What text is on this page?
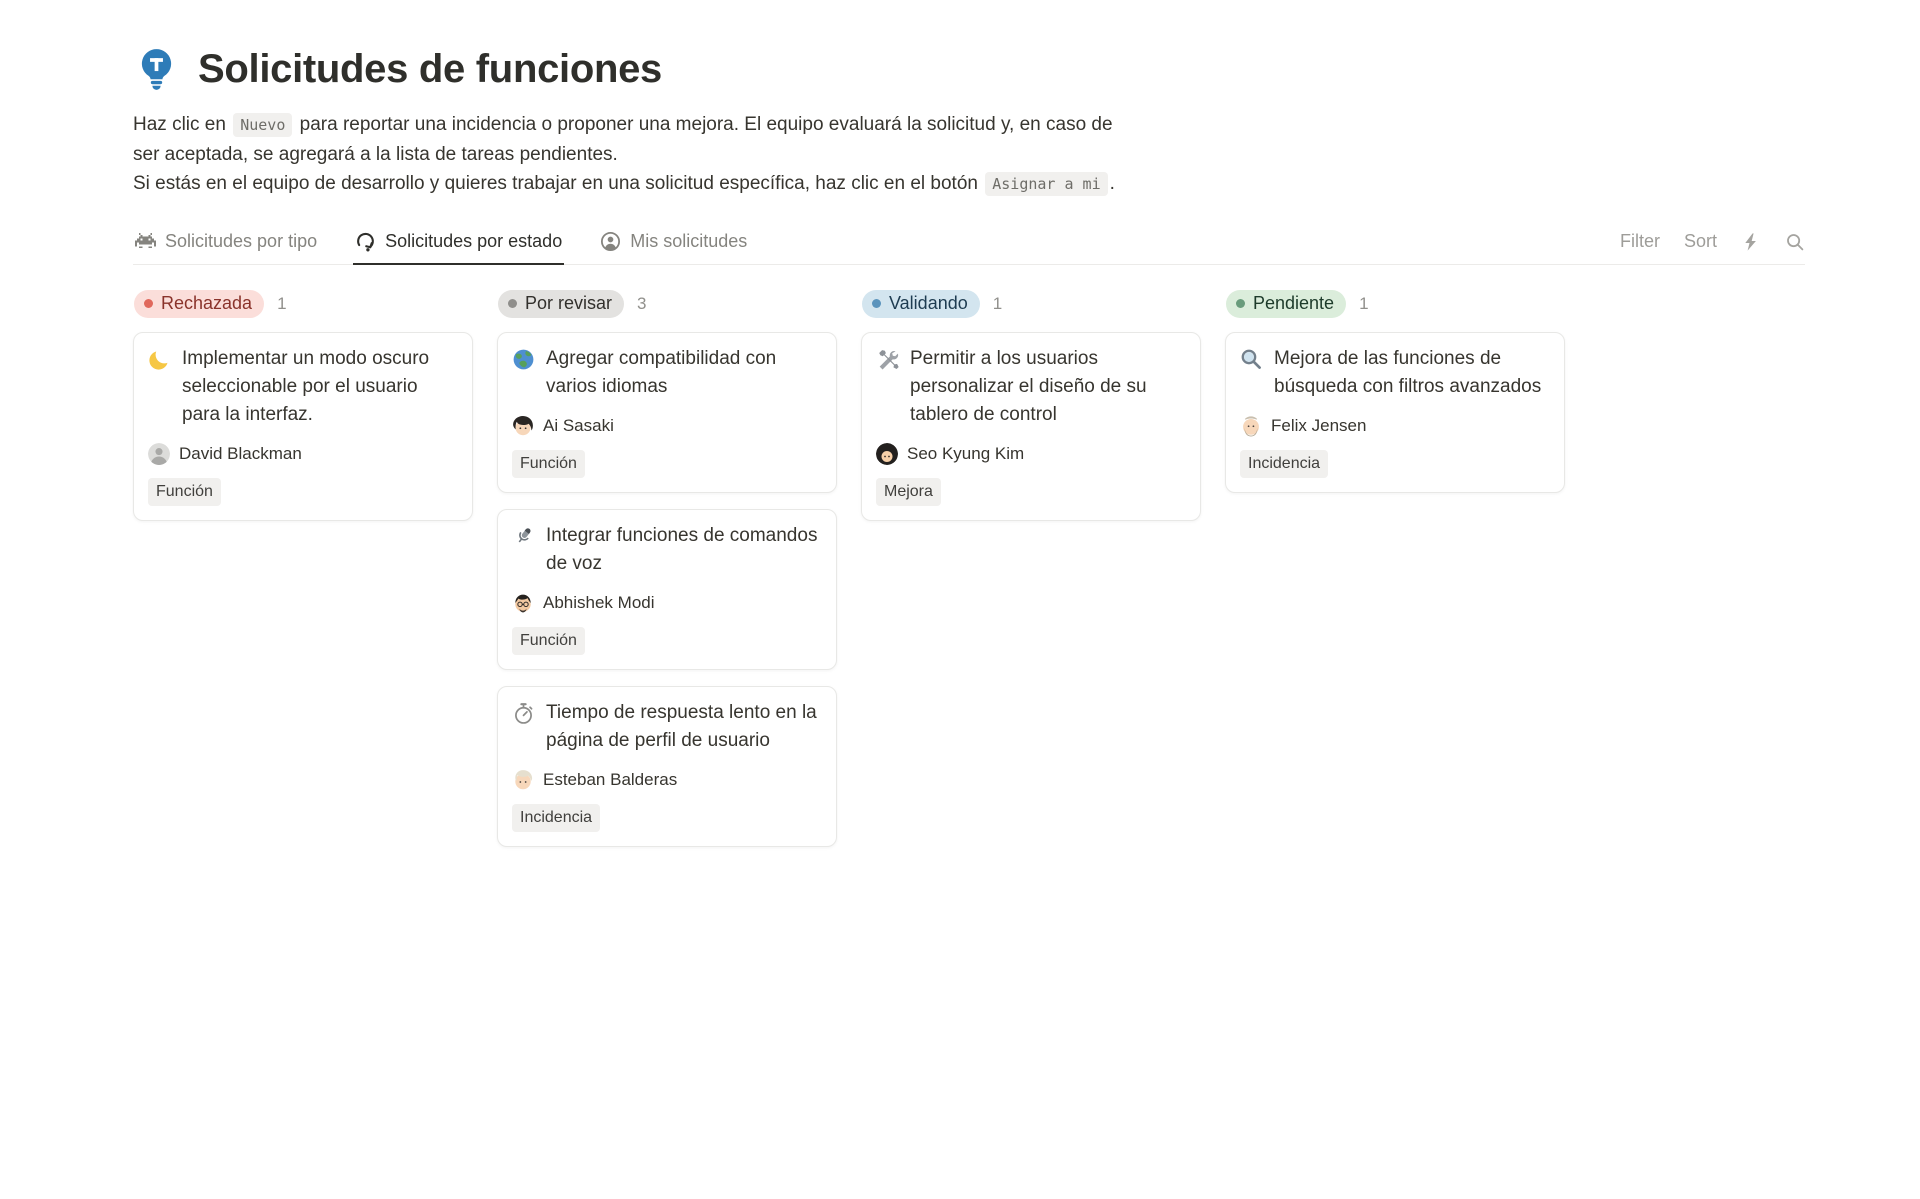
Solicitudes de funciones
Haz clic en Nuevo para reportar una incidencia o proponer una mejora. El equipo evaluará la solicitud y, en caso de
ser aceptada, se agregará a la lista de tareas pendientes.
Si estás en el equipo de desarrollo y quieres trabajar en una solicitud específica, haz clic en el botón Asignar a mi .
Solicitudes por tipo	Solicitudes por estado	Mis solicitudes	Filter Sort
Rechazada 1
Implementar un modo oscuro seleccionable por el usuario para la interfaz.
David Blackman
Función
Por revisar 3
Agregar compatibilidad con varios idiomas
Ai Sasaki
Función
Integrar funciones de comandos de voz
Abhishek Modi
Función
Tiempo de respuesta lento en la página de perfil de usuario
Esteban Balderas
Incidencia
Validando 1
Permitir a los usuarios personalizar el diseño de su tablero de control
Seo Kyung Kim
Mejora
Pendiente 1
Mejora de las funciones de búsqueda con filtros avanzados
Felix Jensen
Incidencia
